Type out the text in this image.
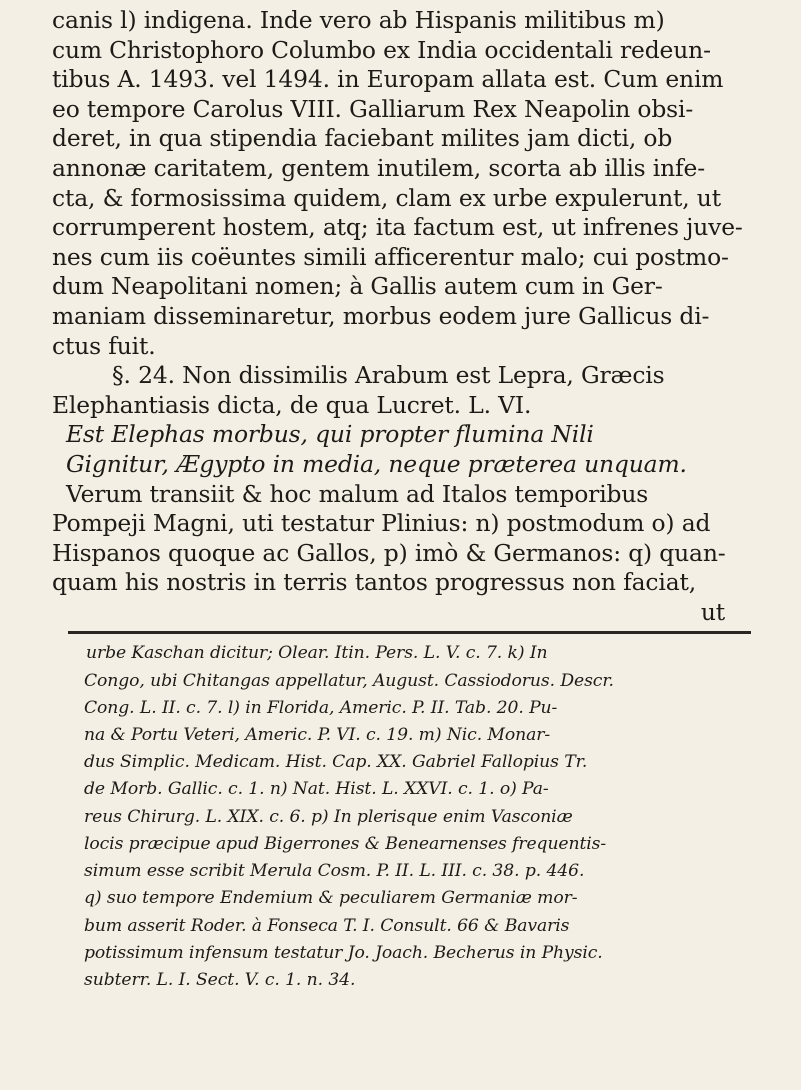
canis l) indigena. Inde vero ab Hispanis militibus m)
cum Christophoro Columbo ex India occidentali redeun-
tibus A. 1493. vel 1494. in Europam allata est. Cum enim
eo tempore Carolus VIII. Galliarum Rex Neapolin obsi-
deret, in qua stipendia faciebant milites jam dicti, ob
annonæ caritatem, gentem inutilem, scorta ab illis infe-
cta, & formosissima quidem, clam ex urbe expulerunt, ut
corrumperent hostem, atq; ita factum est, ut infrenes juve-
nes cum iis coëuntes simili afficerentur malo; cui postmo-
dum Neapolitani nomen; à Gallis autem cum in Ger-
maniam disseminaretur, morbus eodem jure Gallicus di-
ctus fuit.
§. 24. Non dissimilis Arabum est Lepra, Græcis
Elephantiasis dicta, de qua Lucret. L. VI.
Est Elephas morbus, qui propter flumina Nili
Gignitur, Ægypto in media, neque præterea unquam.
Verum transiit & hoc malum ad Italos temporibus
Pompeji Magni, uti testatur Plinius: n) postmodum o) ad
Hispanos quoque ac Gallos, p) imò & Germanos: q) quan-
quam his nostris in terris tantos progressus non faciat,
ut
urbe Kaschan dicitur; Olear. Itin. Pers. L. V. c. 7. k) In
Congo, ubi Chitangas appellatur, August. Cassiodorus. Descr.
Cong. L. II. c. 7. l) in Florida, Americ. P. II. Tab. 20. Pu-
na & Portu Veteri, Americ. P. VI. c. 19. m) Nic. Monar-
dus Simplic. Medicam. Hist. Cap. XX. Gabriel Fallopius Tr.
de Morb. Gallic. c. 1. n) Nat. Hist. L. XXVI. c. 1. o) Pa-
reus Chirurg. L. XIX. c. 6. p) In plerisque enim Vasconiæ
locis præcipue apud Bigerrones & Benearnenses frequentis-
simum esse scribit Merula Cosm. P. II. L. III. c. 38. p. 446.
q) suo tempore Endemium & peculiarem Germaniæ mor-
bum asserit Roder. à Fonseca T. I. Consult. 66 & Bavaris
potissimum infensum testatur Jo. Joach. Becherus in Physic.
subterr. L. I. Sect. V. c. 1. n. 34.
